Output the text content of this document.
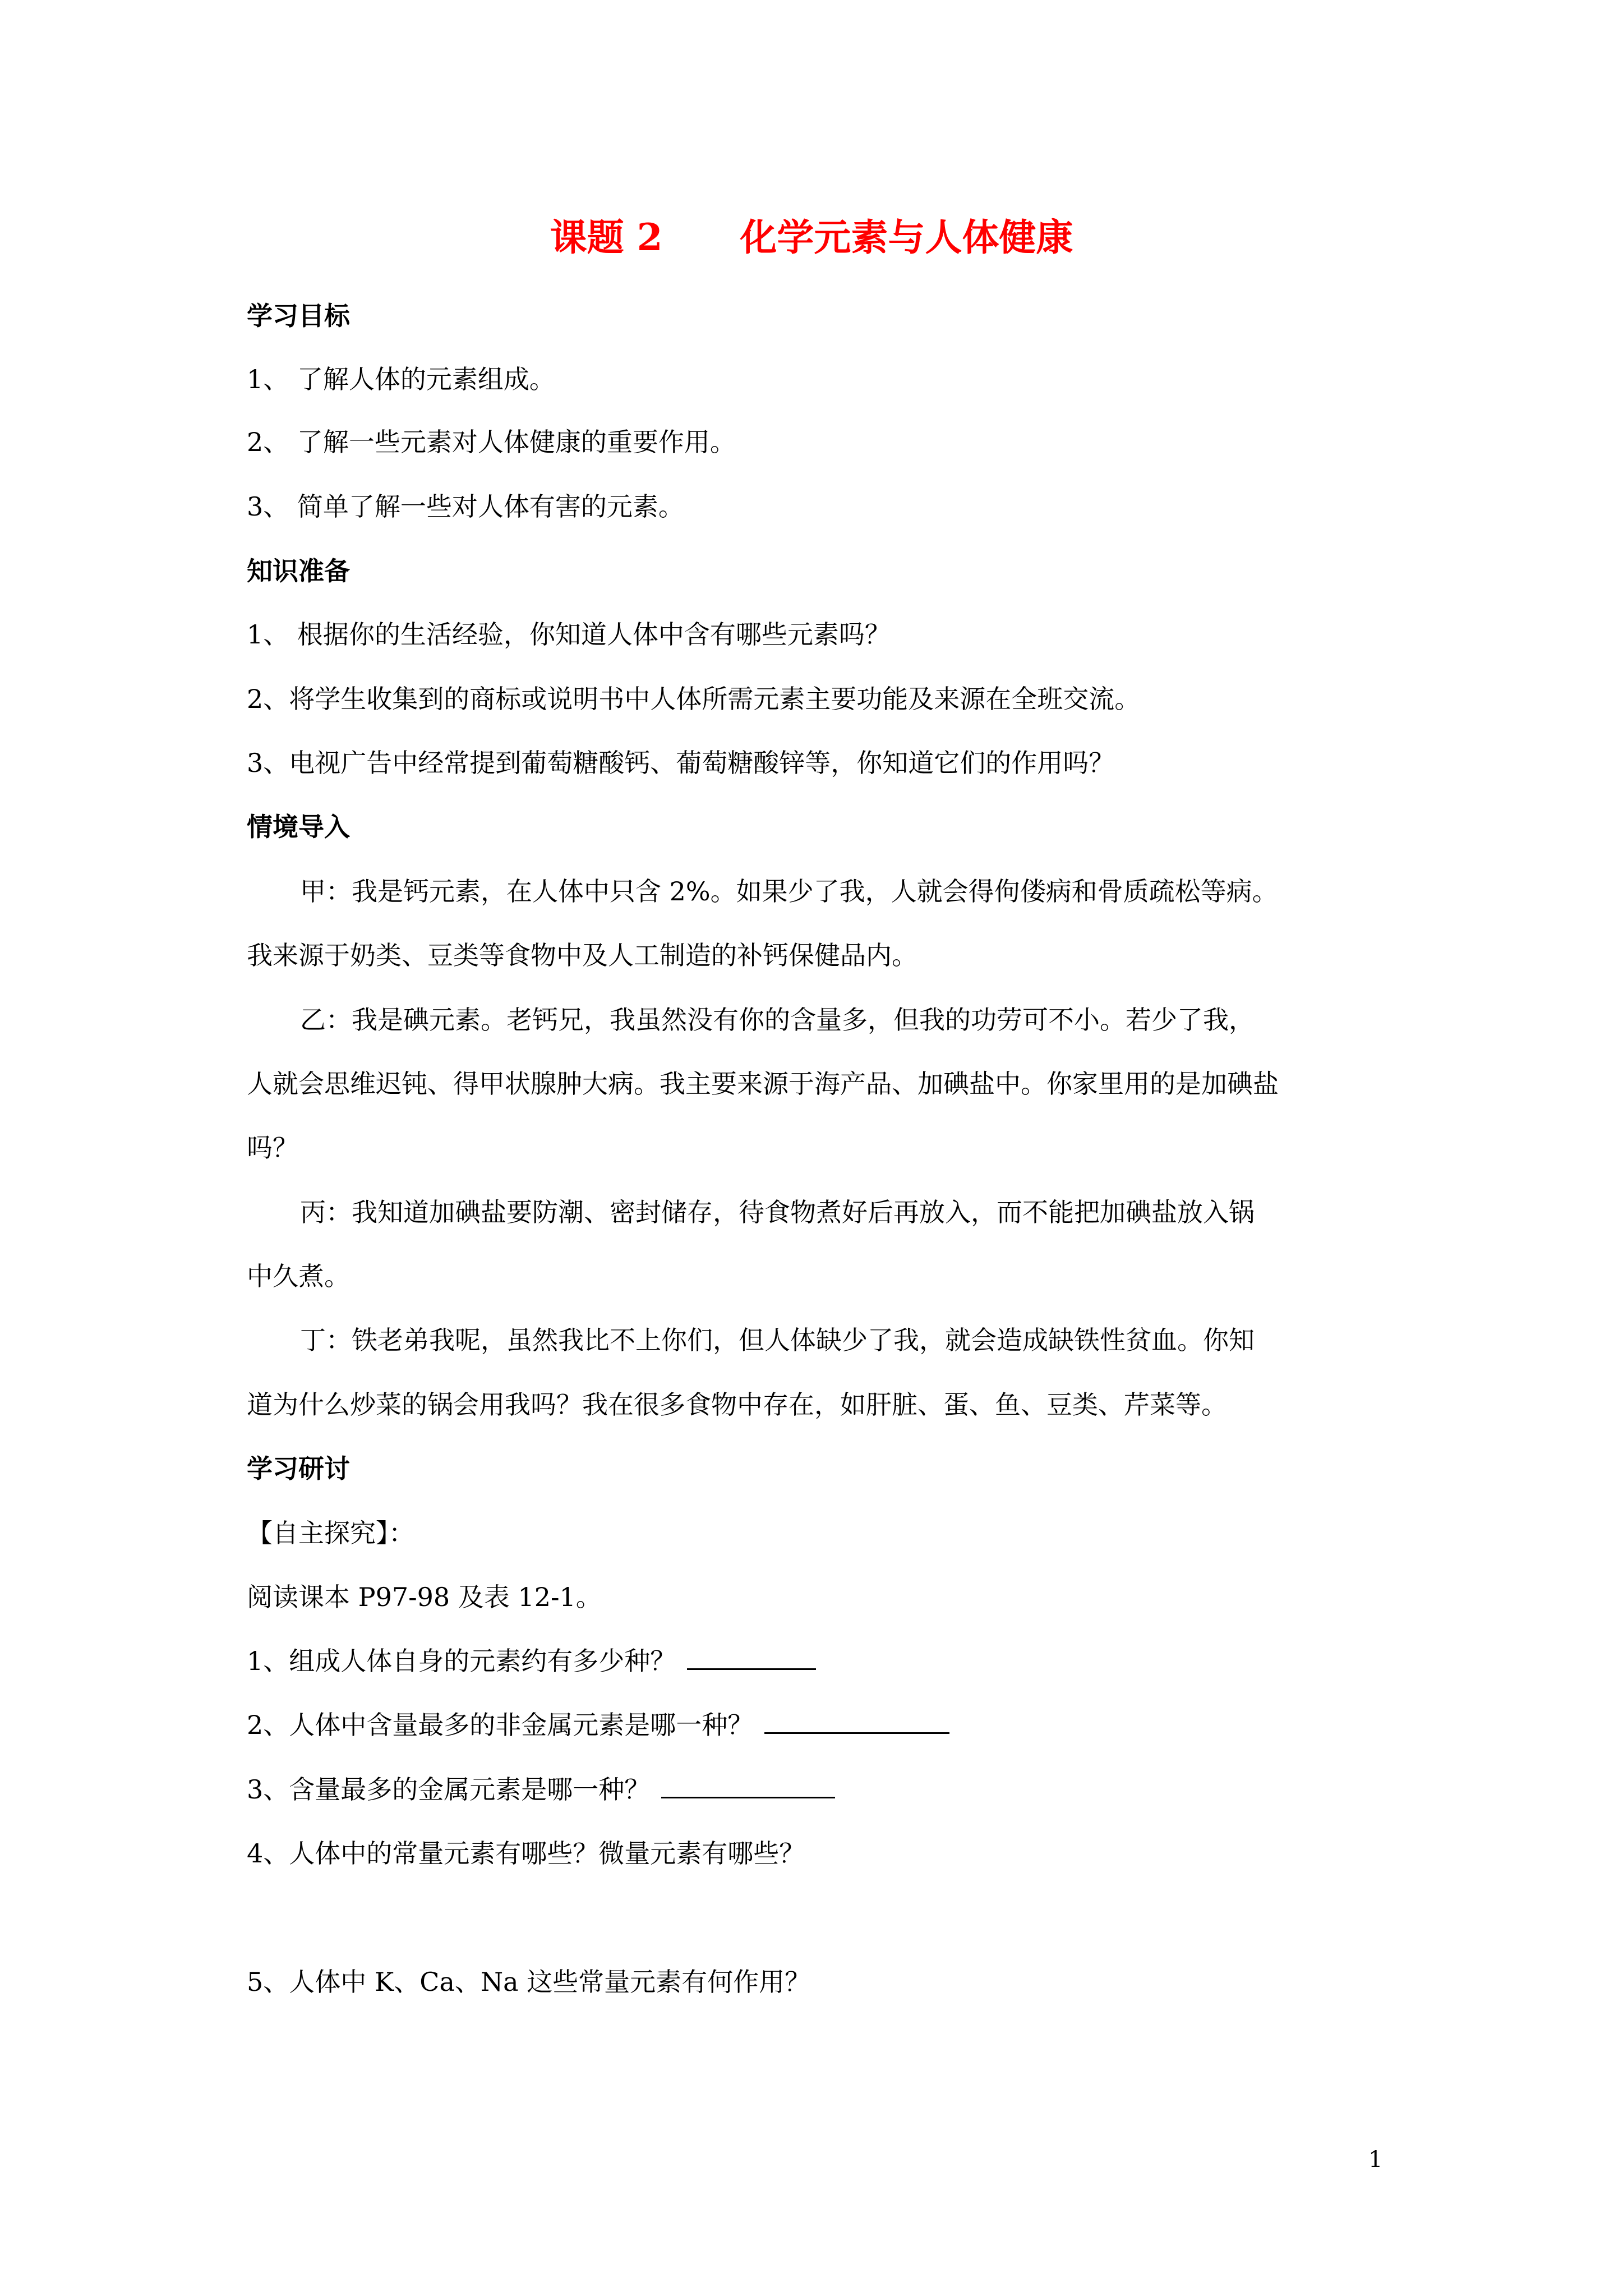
课题 2      化学元素与人体健康
学习目标
1、 了解人体的元素组成。
2、 了解一些元素对人体健康的重要作用。
3、 简单了解一些对人体有害的元素。
知识准备
1、 根据你的生活经验，你知道人体中含有哪些元素吗？
2、将学生收集到的商标或说明书中人体所需元素主要功能及来源在全班交流。
3、电视广告中经常提到葡萄糖酸钙、葡萄糖酸锌等，你知道它们的作用吗？
情境导入
甲：我是钙元素，在人体中只含 2%。如果少了我，人就会得佝偻病和骨质疏松等病。
我来源于奶类、豆类等食物中及人工制造的补钙保健品内。
乙：我是碘元素。老钙兄，我虽然没有你的含量多，但我的功劳可不小。若少了我，
人就会思维迟钝、得甲状腺肿大病。我主要来源于海产品、加碘盐中。你家里用的是加碘盐
吗？
丙：我知道加碘盐要防潮、密封储存，待食物煮好后再放入，而不能把加碘盐放入锅
中久煮。
丁：铁老弟我呢，虽然我比不上你们，但人体缺少了我，就会造成缺铁性贫血。你知
道为什么炒菜的锅会用我吗？我在很多食物中存在，如肝脏、蛋、鱼、豆类、芹菜等。
学习研讨
【自主探究】：
阅读课本 P97-98 及表 12-1。
1、组成人体自身的元素约有多少种？
2、人体中含量最多的非金属元素是哪一种？
3、含量最多的金属元素是哪一种？
4、人体中的常量元素有哪些？微量元素有哪些？
5、人体中 K、Ca、Na 这些常量元素有何作用？
1
